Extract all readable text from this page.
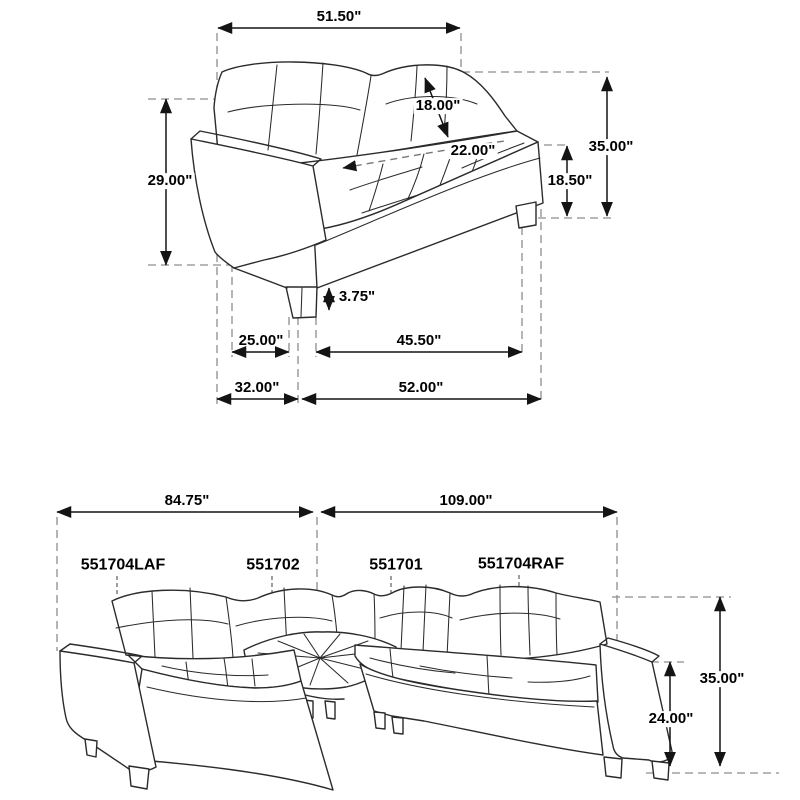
51.50"
29.00"
18.00"
22.00"	35.00"
18.50"
3.75"
25.00"	45.50"
32.00"	52.00"
84.75"	109.00"
551704LAF	551702	551701	551704RAF
35.00"
24.00"
